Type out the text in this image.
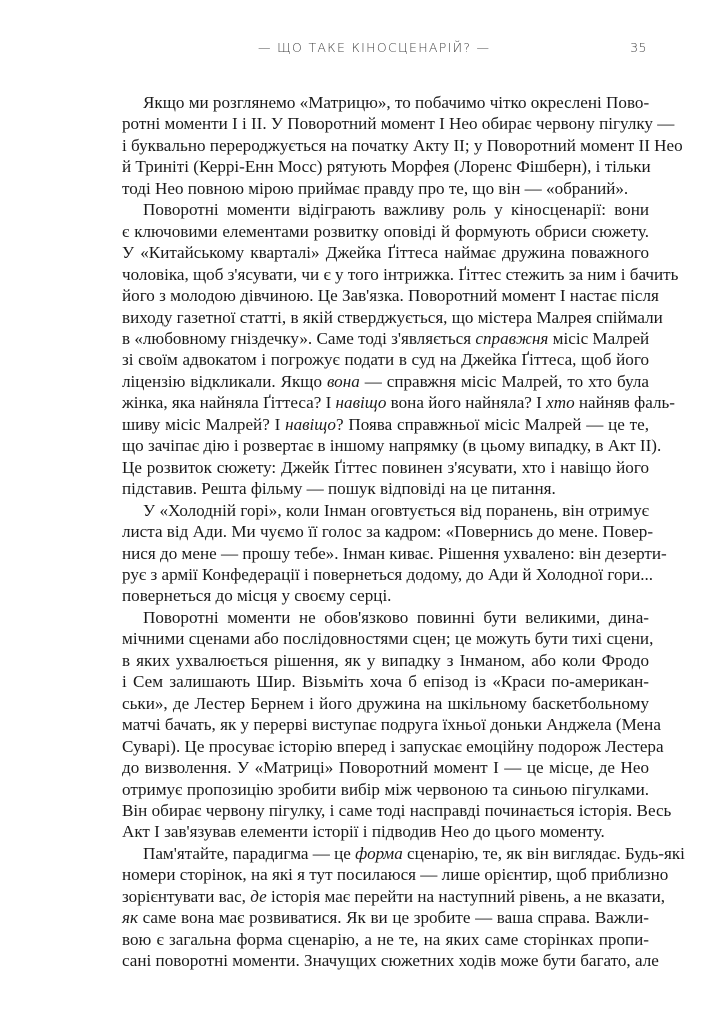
— ЩО ТАКЕ КІНОСЦЕНАРІЙ? —	35
Якщо ми розглянемо «Матрицю», то побачимо чітко окреслені Пово-
ротні моменти I і II. У Поворотний момент I Нео обирає червону пігулку —
і буквально перероджується на початку Акту II; у Поворотний момент II Нео
й Триніті (Керрі-Енн Мосс) рятують Морфея (Лоренс Фішберн), і тільки
тоді Нео повною мірою приймає правду про те, що він — «обраний».
Поворотні моменти відіграють важливу роль у кіносценарії: вони
є ключовими елементами розвитку оповіді й формують обриси сюжету.
У «Китайському кварталі» Джейка Ґіттеса наймає дружина поважного
чоловіка, щоб з'ясувати, чи є у того інтрижка. Ґіттес стежить за ним і бачить
його з молодою дівчиною. Це Зав'язка. Поворотний момент I настає після
виходу газетної статті, в якій стверджується, що містера Малрея спіймали
в «любовному гніздечку». Саме тоді з'являється справжня місіс Малрей
зі своїм адвокатом і погрожує подати в суд на Джейка Ґіттеса, щоб його
ліцензію відкликали. Якщо вона — справжня місіс Малрей, то хто була
жінка, яка найняла Ґіттеса? І навіщо вона його найняла? І хто найняв фаль-
шиву місіс Малрей? І навіщо? Поява справжньої місіс Малрей — це те,
що зачіпає дію і розвертає в іншому напрямку (в цьому випадку, в Акт II).
Це розвиток сюжету: Джейк Ґіттес повинен з'ясувати, хто і навіщо його
підставив. Решта фільму — пошук відповіді на це питання.
У «Холодній горі», коли Інман оговтується від поранень, він отримує
листа від Ади. Ми чуємо її голос за кадром: «Повернись до мене. Повер-
нися до мене — прошу тебе». Інман киває. Рішення ухвалено: він дезерти-
рує з армії Конфедерації і повернеться додому, до Ади й Холодної гори...
повернеться до місця у своєму серці.
Поворотні моменти не обов'язково повинні бути великими, дина-
мічними сценами або послідовностями сцен; це можуть бути тихі сцени,
в яких ухвалюється рішення, як у випадку з Інманом, або коли Фродо
і Сем залишають Шир. Візьміть хоча б епізод із «Краси по-американ-
ськи», де Лестер Бернем і його дружина на шкільному баскетбольному
матчі бачать, як у перерві виступає подруга їхньої доньки Анджела (Мена
Суварі). Це просуває історію вперед і запускає емоційну подорож Лестера
до визволення. У «Матриці» Поворотний момент I — це місце, де Нео
отримує пропозицію зробити вибір між червоною та синьою пігулками.
Він обирає червону пігулку, і саме тоді насправді починається історія. Весь
Акт I зав'язував елементи історії і підводив Нео до цього моменту.
Пам'ятайте, парадигма — це форма сценарію, те, як він виглядає. Будь-які
номери сторінок, на які я тут посилаюся — лише орієнтир, щоб приблизно
зорієнтувати вас, де історія має перейти на наступний рівень, а не вказати,
як саме вона має розвиватися. Як ви це зробите — ваша справа. Важли-
вою є загальна форма сценарію, а не те, на яких саме сторінках пропи-
сані поворотні моменти. Значущих сюжетних ходів може бути багато, але
